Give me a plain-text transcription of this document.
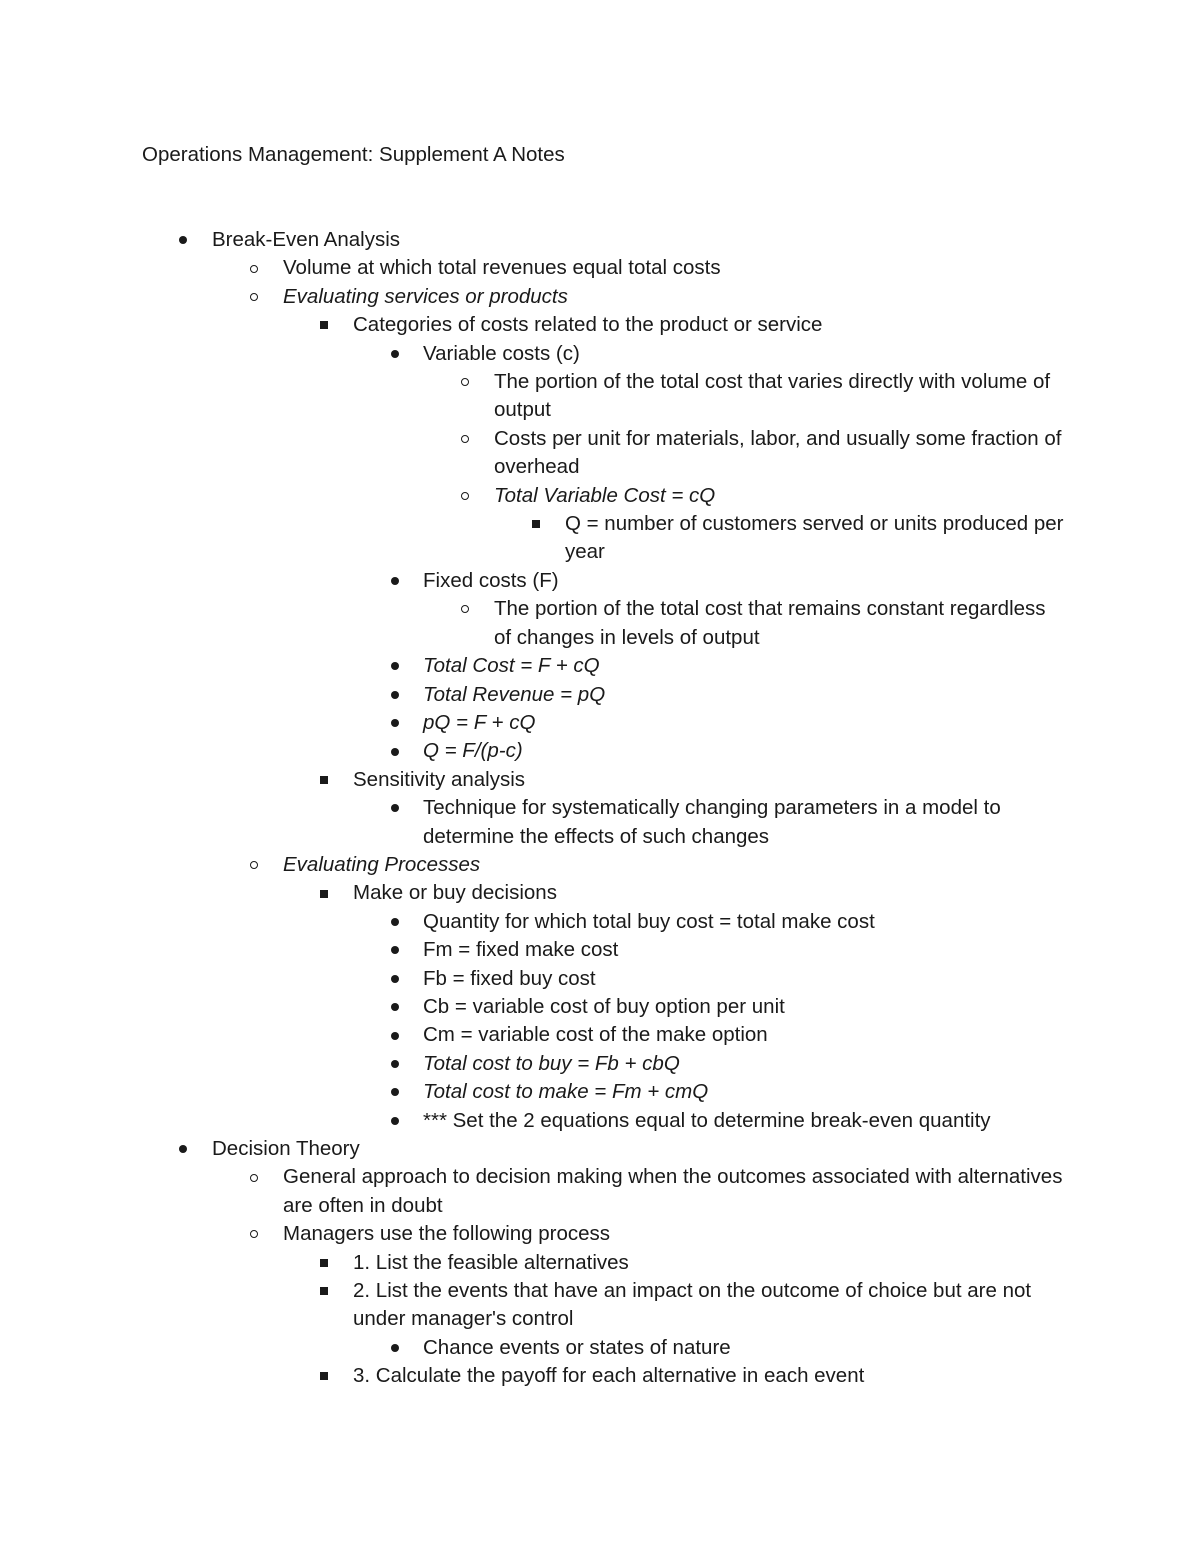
Operations Management: Supplement A Notes
Break-Even Analysis
Volume at which total revenues equal total costs
Evaluating services or products
Categories of costs related to the product or service
Variable costs (c)
The portion of the total cost that varies directly with volume of output
Costs per unit for materials, labor, and usually some fraction of overhead
Total Variable Cost = cQ
Q = number of customers served or units produced per year
Fixed costs (F)
The portion of the total cost that remains constant regardless of changes in levels of output
Total Cost = F + cQ
Total Revenue = pQ
pQ = F + cQ
Q = F/(p-c)
Sensitivity analysis
Technique for systematically changing parameters in a model to determine the effects of such changes
Evaluating Processes
Make or buy decisions
Quantity for which total buy cost = total make cost
Fm = fixed make cost
Fb = fixed buy cost
Cb = variable cost of buy option per unit
Cm = variable cost of the make option
Total cost to buy = Fb + cbQ
Total cost to make = Fm + cmQ
*** Set the 2 equations equal to determine break-even quantity
Decision Theory
General approach to decision making when the outcomes associated with alternatives are often in doubt
Managers use the following process
1. List the feasible alternatives
2. List the events that have an impact on the outcome of choice but are not under manager's control
Chance events or states of nature
3. Calculate the payoff for each alternative in each event
